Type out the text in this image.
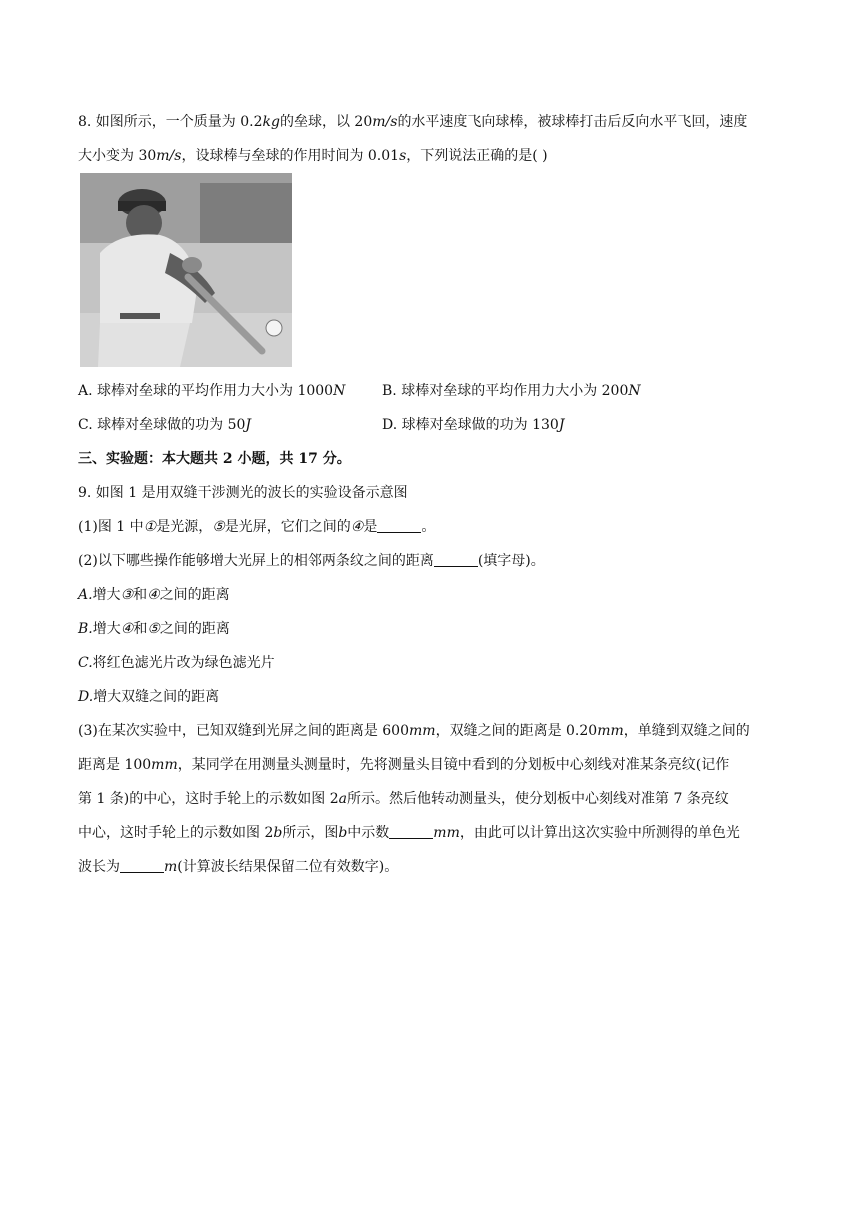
8. 如图所示，一个质量为 0.2kg的垒球，以 20m/s的水平速度飞向球棒，被球棒打击后反向水平飞回，速度
大小变为 30m/s，设球棒与垒球的作用时间为 0.01s，下列说法正确的是( )
A. 球棒对垒球的平均作用力大小为 1000N	B. 球棒对垒球的平均作用力大小为 200N
C. 球棒对垒球做的功为 50J	D. 球棒对垒球做的功为 130J
三、实验题：本大题共 2 小题，共 17 分。
9. 如图 1 是用双缝干涉测光的波长的实验设备示意图
(1)图 1 中①是光源，⑤是光屏，它们之间的④是	。
(2)以下哪些操作能够增大光屏上的相邻两条纹之间的距离	(填字母)。
A.增大③和④之间的距离
B.增大④和⑤之间的距离
C.将红色滤光片改为绿色滤光片
D.增大双缝之间的距离
(3)在某次实验中，已知双缝到光屏之间的距离是 600mm，双缝之间的距离是 0.20mm，单缝到双缝之间的
距离是 100mm，某同学在用测量头测量时，先将测量头目镜中看到的分划板中心刻线对准某条亮纹(记作
第 1 条)的中心，这时手轮上的示数如图 2a所示。然后他转动测量头，使分划板中心刻线对准第 7 条亮纹
中心，这时手轮上的示数如图 2b所示，图b中示数	mm，由此可以计算出这次实验中所测得的单色光
波长为	m(计算波长结果保留二位有效数字)。
